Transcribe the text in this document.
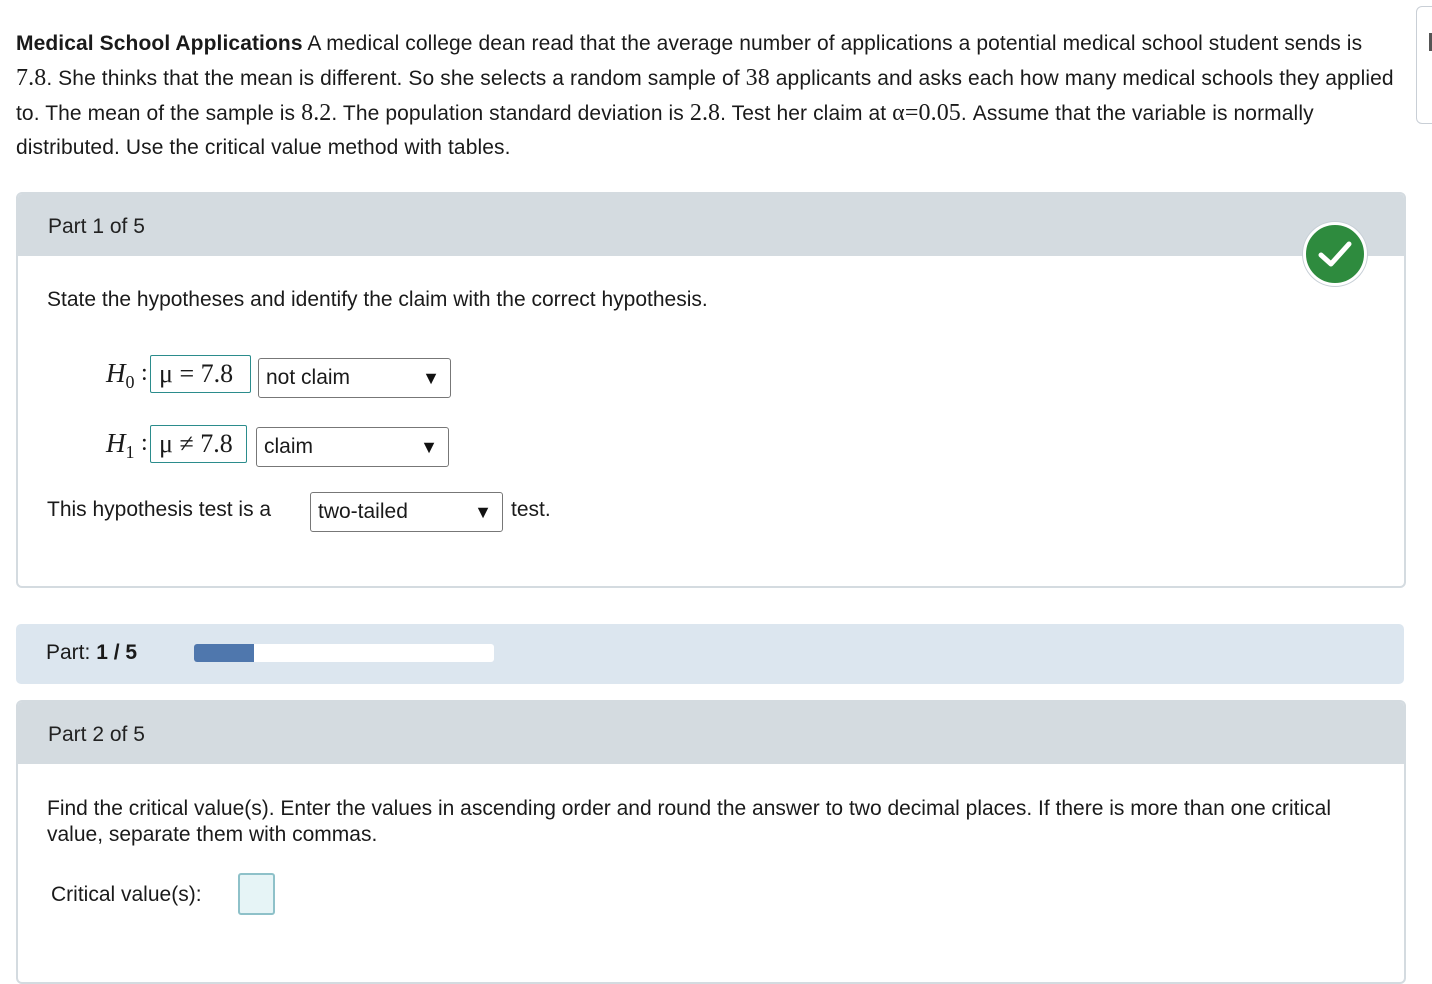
Medical School Applications A medical college dean read that the average number of applications a potential medical school student sends is 7.8. She thinks that the mean is different. So she selects a random sample of 38 applicants and asks each how many medical schools they applied to. The mean of the sample is 8.2. The population standard deviation is 2.8. Test her claim at α=0.05. Assume that the variable is normally distributed. Use the critical value method with tables.
Part 1 of 5
State the hypotheses and identify the claim with the correct hypothesis.
$H_0$ : μ = 7.8	not claim	▼
$H_1$ : μ ≠ 7.8	claim	▼
This hypothesis test is a	two-tailed	▼ test.
Part: 1 / 5
Part 2 of 5
Find the critical value(s). Enter the values in ascending order and round the answer to two decimal places. If there is more than one critical value, separate them with commas.
Critical value(s):
